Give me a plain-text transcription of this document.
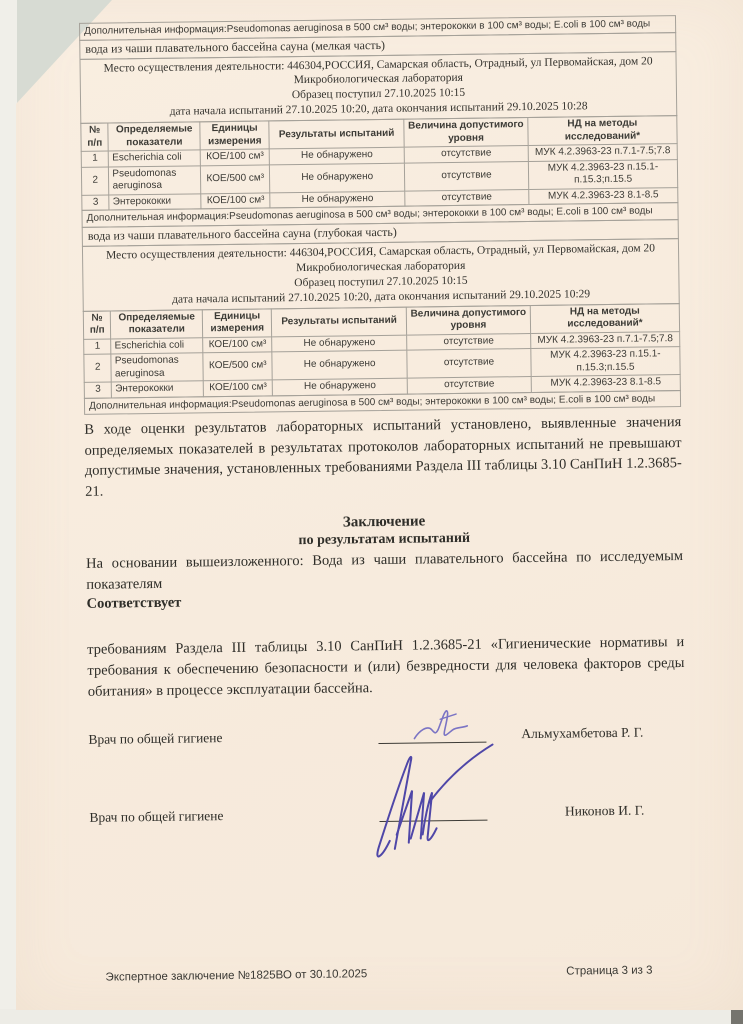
Дополнительная информация:Pseudomonas aeruginosa в 500 см³ воды; энтерококки в 100 см³ воды; E.coli в 100 см³ воды
вода из чаши плавательного бассейна сауна (мелкая часть)
Место осуществления деятельности: 446304,РОССИЯ, Самарская область, Отрадный, ул Первомайская, дом 20
Микробиологическая лаборатория
Образец поступил 27.10.2025 10:15
дата начала испытаний 27.10.2025 10:20, дата окончания испытаний 29.10.2025 10:28
№ п/п	Определяемые показатели	Единицы измерения	Результаты испытаний	Величина допустимого уровня	НД на методы исследований*
1	Escherichia coli	КОЕ/100 см³	Не обнаружено	отсутствие	МУК 4.2.3963-23 п.7.1-7.5;7.8
2	Pseudomonas aeruginosa	КОЕ/500 см³	Не обнаружено	отсутствие	МУК 4.2.3963-23 п.15.1-п.15.3;п.15.5
3	Энтерококки	КОЕ/100 см³	Не обнаружено	отсутствие	МУК 4.2.3963-23 8.1-8.5
Дополнительная информация:Pseudomonas aeruginosa в 500 см³ воды; энтерококки в 100 см³ воды; E.coli в 100 см³ воды
вода из чаши плавательного бассейна сауна (глубокая часть)
Место осуществления деятельности: 446304,РОССИЯ, Самарская область, Отрадный, ул Первомайская, дом 20
Микробиологическая лаборатория
Образец поступил 27.10.2025 10:15
дата начала испытаний 27.10.2025 10:20, дата окончания испытаний 29.10.2025 10:29
№ п/п	Определяемые показатели	Единицы измерения	Результаты испытаний	Величина допустимого уровня	НД на методы исследований*
1	Escherichia coli	КОЕ/100 см³	Не обнаружено	отсутствие	МУК 4.2.3963-23 п.7.1-7.5;7.8
2	Pseudomonas aeruginosa	КОЕ/500 см³	Не обнаружено	отсутствие	МУК 4.2.3963-23 п.15.1-п.15.3;п.15.5
3	Энтерококки	КОЕ/100 см³	Не обнаружено	отсутствие	МУК 4.2.3963-23 8.1-8.5
Дополнительная информация:Pseudomonas aeruginosa в 500 см³ воды; энтерококки в 100 см³ воды; E.coli в 100 см³ воды

В ходе оценки результатов лабораторных испытаний установлено, выявленные значения определяемых показателей в результатах протоколов лабораторных испытаний не превышают допустимые значения, установленных требованиями Раздела III таблицы 3.10 СанПиН 1.2.3685-21.

Заключение
по результатам испытаний

На основании вышеизложенного: Вода из чаши плавательного бассейна по исследуемым показателям

Соответствует

требованиям Раздела III таблицы 3.10 СанПиН 1.2.3685-21 «Гигиенические нормативы и требования к обеспечению безопасности и (или) безвредности для человека факторов среды обитания» в процессе эксплуатации бассейна.

Врач по общей гигиене	Альмухамбетова Р. Г.
Врач по общей гигиене	Никонов И. Г.
Экспертное заключение №1825ВО от 30.10.2025	Страница 3 из 3
